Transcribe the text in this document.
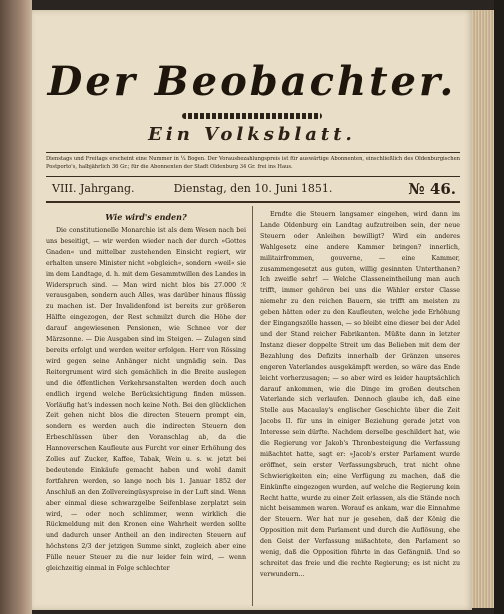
Der Beobachter.
Ein Volksblatt.
Dienstags und Freitags erscheint eine Nummer in ¼ Bogen. Der Vorausbezahlungspreis ist für auswärtige Abonnenten, einschließlich des Oldenburgischen Postporto's, halbjährlich 36 Gr.; für die Abonnenten der Stadt Oldenburg 34 Gr. frei ins Haus.
VIII. Jahrgang.	Dienstag, den 10. Juni 1851.	№ 46.
Wie wird's enden?

Die constitutionelle Monarchie ist als dem Wesen nach bei uns beseitigt, — wir werden wieder nach der durch »Gottes Gnaden« und mittelbar zustehenden Einsicht regiert, wir erhalten unsere Minister nicht »obgleich«, sondern »weil« sie im dem Landtage, d. h. mit dem Gesammtwillen des Landes in Widerspruch sind. — Man wird nicht blos bis 27.000 ℛ verausgaben, sondern auch Alles, was darüber hinaus flüssig zu machen ist. Der Invalidenfond ist bereits zur größeren Hälfte eingezogen, der Rest schmilzt durch die Höhe der darauf angewiesenen Pensionen, wie Schnee vor der Märzsonne. — Die Ausgaben sind im Steigen. — Zulagen sind bereits erfolgt und werden weiter erfolgen. Herr von Rössing wird gegen seine Anhänger nicht ungnädig sein. Das Reitergrument wird sich gemächlich in die Breite auslegen und die öffentlichen Verkehrsanstalten werden doch auch endlich irgend welche Berücksichtigung finden müssen. Vorläufig hat's indessen noch keine Noth. Bei den glücklichen Zeit gehen nicht blos die directen Steuern prompt ein, sondern es werden auch die indirecten Steuern den Erbeschlüssen über den Voranschlag ab, da die Hannoverschen Kaufleute aus Furcht vor einer Erhöhung des Zolles auf Zucker, Kaffee, Tabak, Wein u. s. w. jetzt bei bedeutende Einkäufe gemacht haben und wohl damit fortfahren werden, so lange noch bis 1. Januar 1852 der Anschluß an den Zollvereingüsyspreise in der Luft sind. Wenn aber einmal diese schwarzgelbe Seifenblase zerplatzt sein wird, — oder noch schlimmer, wenn wirklich die Rückmeldung mit den Kronen eine Wahrheit werden sollte und dadurch unser Antheil an den indirecten Steuern auf höchstens 2/3 der jetzigen Summe sinkt, zugleich aber eine Fülle neuer Steuer zu die nur leider fein wird, — wenn gleichzeitig einmal in Folge schlechter

Erndte die Steuern langsamer eingehen, wird dann im Lande Oldenburg ein Landtag aufzutreiben sein, der neue Steuern oder Anleihen bewilligt? Wird ein anderes Wahlgesetz eine andere Kammer bringen? innerlich, militairfrommen, gouverne, — eine Kammer, zusammengesetzt aus guten, willig gesinnten Unterthanen? Ich zweifle sehr! — Welche Classeneintheilung man auch trifft, immer gehören bei uns die Wähler erster Classe niemehr zu den reichen Bauern, sie trifft am meisten zu geben hätten oder zu den Kaufleuten, welche jede Erhöhung der Eingangszölle hassen, — so bleibt eine dieser bei der Adel und der Stand reicher Fabrikanten. Müßte dann in letzter Instanz dieser doppelte Streit um das Belieben mit dem der Bezahlung des Defizits innerhalb der Gränzen unseres engeren Vaterlandes ausgekämpft werden, so wäre das Ende leicht vorherzusagen; — so aber wird es leider hauptsächlich darauf ankommen, wie die Dinge im großen deutschen Vaterlande sich verlaufen. Dennoch glaube ich, daß eine Stelle aus Macaulay's englischer Geschichte über die Zeit Jacobs II. für uns in einiger Beziehung gerade jetzt von Interesse sein dürfte. Nachdem derselbe geschildert hat, wie die Regierung vor Jakob's Thronbesteigung die Verfassung mißachtet hatte, sagt er: »Jacob's erster Parlament wurde eröffnet, sein erster Verfassungsbruch, trat nicht ohne Schwierigkeiten ein; eine Verfügung zu machen, daß die Einkünfte eingezogen wurden, auf welche die Regierung kein Recht hatte, wurde zu einer Zeit erlassen, als die Stände noch nicht beisammen waren. Worauf es ankam, war die Einnahme der Steuern. Wer hat nur je gesehen, daß der König die Opposition mit dem Parlament und durch die Auflösung, ehe den Geist der Verfassung mißachtete, den Parlament so wenig, daß die Opposition führte in das Gefängniß. Und so schreitet das freie und die rechte Regierung; es ist nicht zu verwundern...
